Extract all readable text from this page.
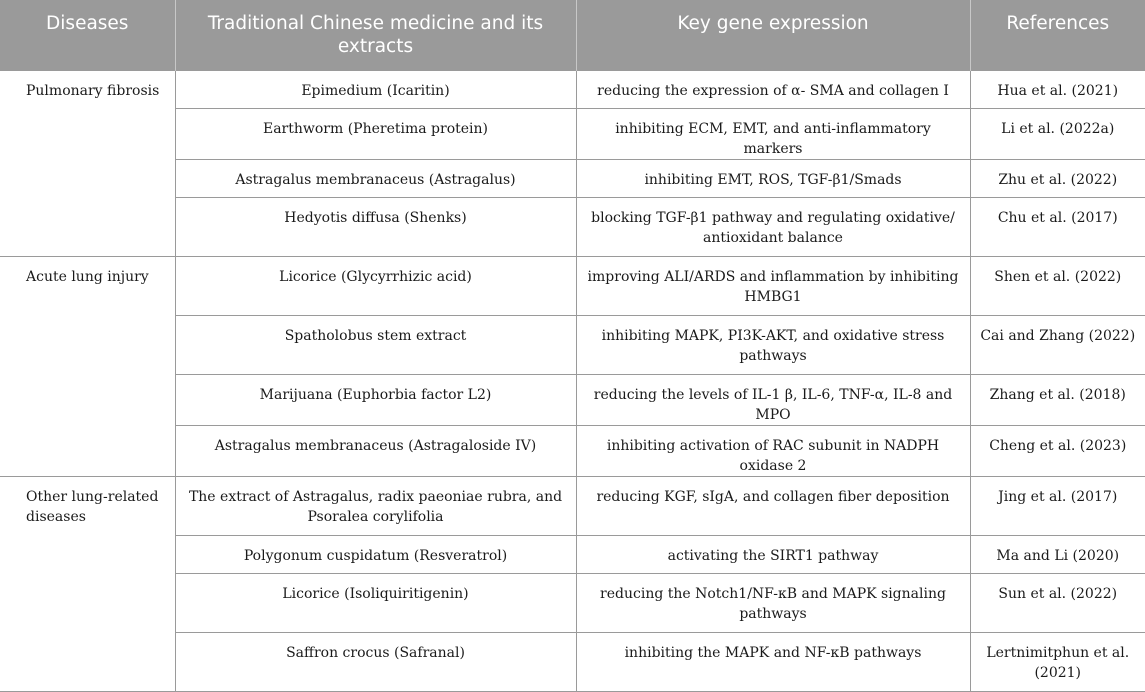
Diseases	Traditional Chinese medicine and its extracts	Key gene expression	References
Pulmonary fibrosis	Epimedium (Icaritin)	reducing the expression of α- SMA and collagen I	Hua et al. (2021)
	Earthworm (Pheretima protein)	inhibiting ECM, EMT, and anti-inflammatory markers	Li et al. (2022a)
	Astragalus membranaceus (Astragalus)	inhibiting EMT, ROS, TGF-β1/Smads	Zhu et al. (2022)
	Hedyotis diffusa (Shenks)	blocking TGF-β1 pathway and regulating oxidative/ antioxidant balance	Chu et al. (2017)
Acute lung injury	Licorice (Glycyrrhizic acid)	improving ALI/ARDS and inflammation by inhibiting HMBG1	Shen et al. (2022)
	Spatholobus stem extract	inhibiting MAPK, PI3K-AKT, and oxidative stress pathways	Cai and Zhang (2022)
	Marijuana (Euphorbia factor L2)	reducing the levels of IL-1 β, IL-6, TNF-α, IL-8 and MPO	Zhang et al. (2018)
	Astragalus membranaceus (Astragaloside IV)	inhibiting activation of RAC subunit in NADPH oxidase 2	Cheng et al. (2023)
Other lung-related diseases	The extract of Astragalus, radix paeoniae rubra, and Psoralea corylifolia	reducing KGF, sIgA, and collagen fiber deposition	Jing et al. (2017)
	Polygonum cuspidatum (Resveratrol)	activating the SIRT1 pathway	Ma and Li (2020)
	Licorice (Isoliquiritigenin)	reducing the Notch1/NF-κB and MAPK signaling pathways	Sun et al. (2022)
	Saffron crocus (Safranal)	inhibiting the MAPK and NF-κB pathways	Lertnimitphun et al. (2021)
